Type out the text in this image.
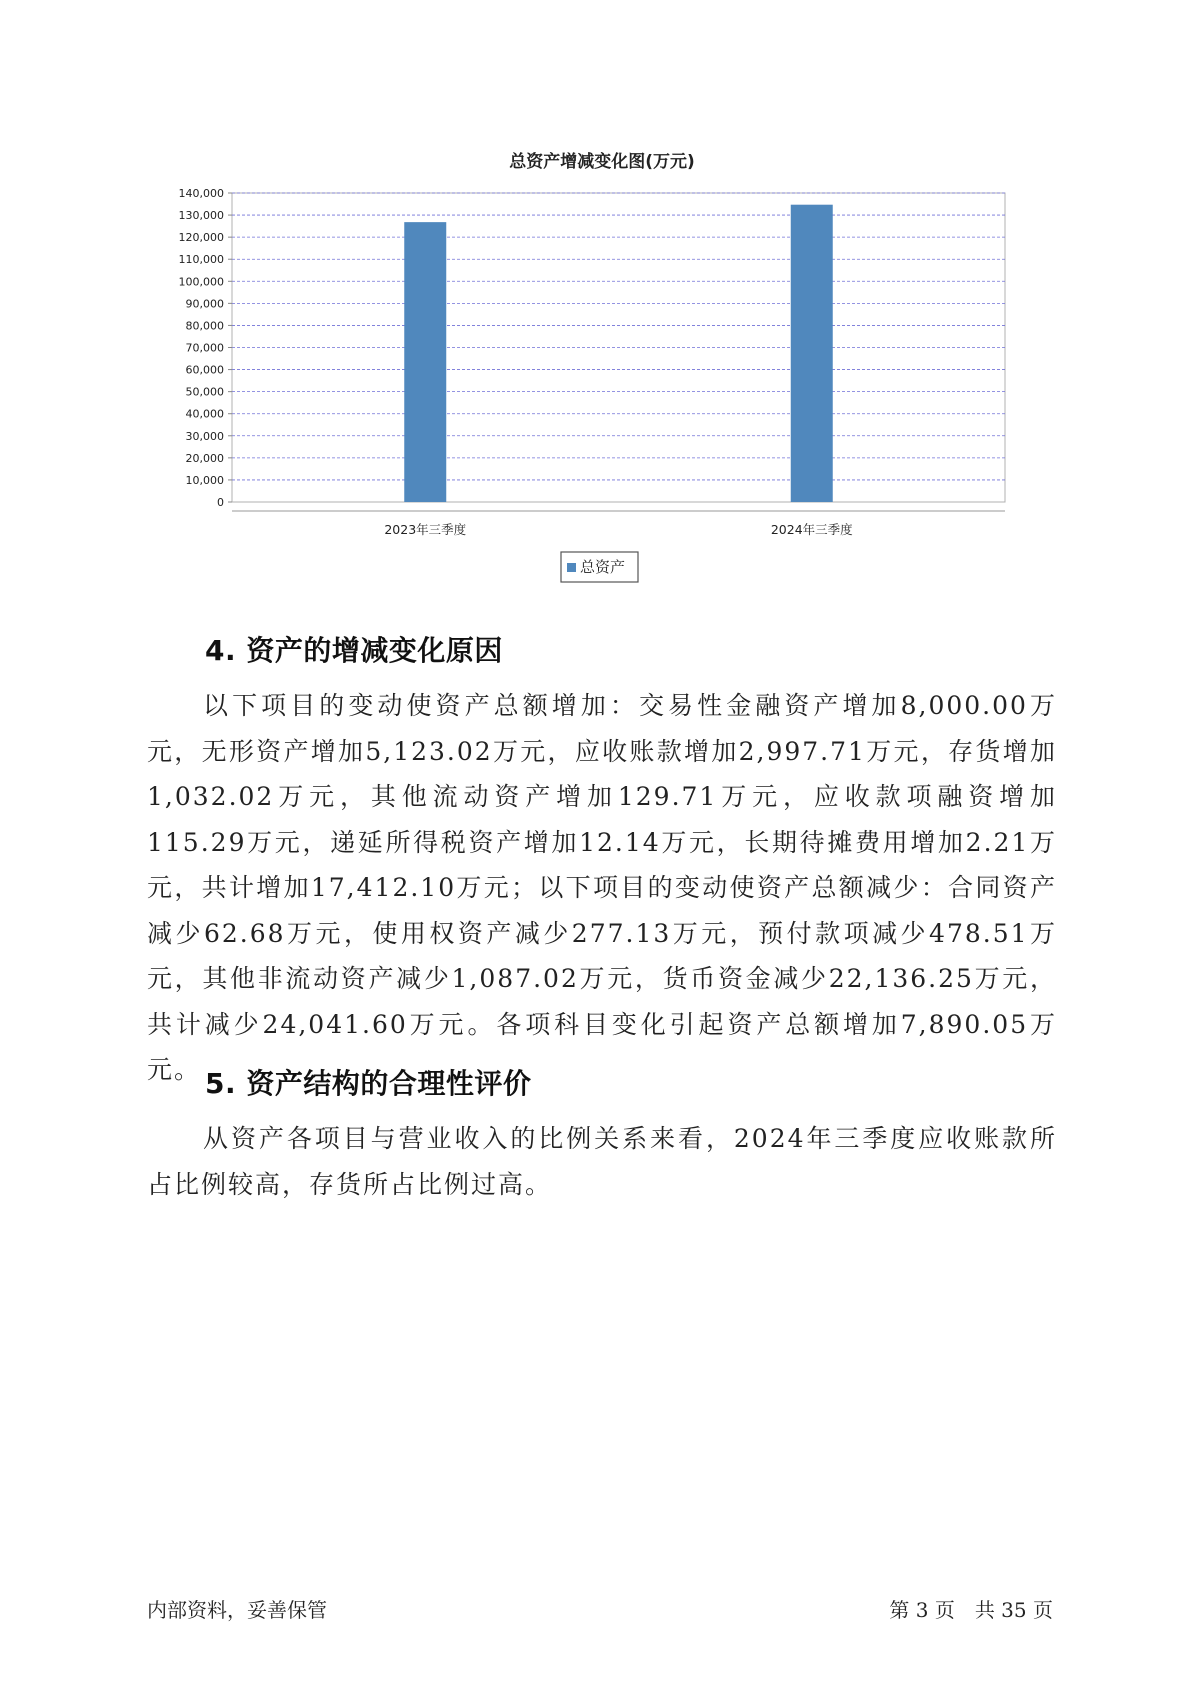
总资产增减变化图(万元)
0
10,000
20,000
30,000
40,000
50,000
60,000
70,000
80,000
90,000
100,000
110,000
120,000
130,000
140,000
2023年三季度	2024年三季度
总资产
4. 资产的增减变化原因

以下项目的变动使资产总额增加：交易性金融资产增加8,000.00万元，无形资产增加5,123.02万元，应收账款增加2,997.71万元，存货增加1,032.02万元，其他流动资产增加129.71万元，应收款项融资增加115.29万元，递延所得税资产增加12.14万元，长期待摊费用增加2.21万元，共计增加17,412.10万元；以下项目的变动使资产总额减少：合同资产减少62.68万元，使用权资产减少277.13万元，预付款项减少478.51万元，其他非流动资产减少1,087.02万元，货币资金减少22,136.25万元，共计减少24,041.60万元。各项科目变化引起资产总额增加7,890.05万元。 5. 资产结构的合理性评价

从资产各项目与营业收入的比例关系来看，2024年三季度应收账款所占比例较高，存货所占比例过高。

内部资料，妥善保管	第 3 页　共 35 页
